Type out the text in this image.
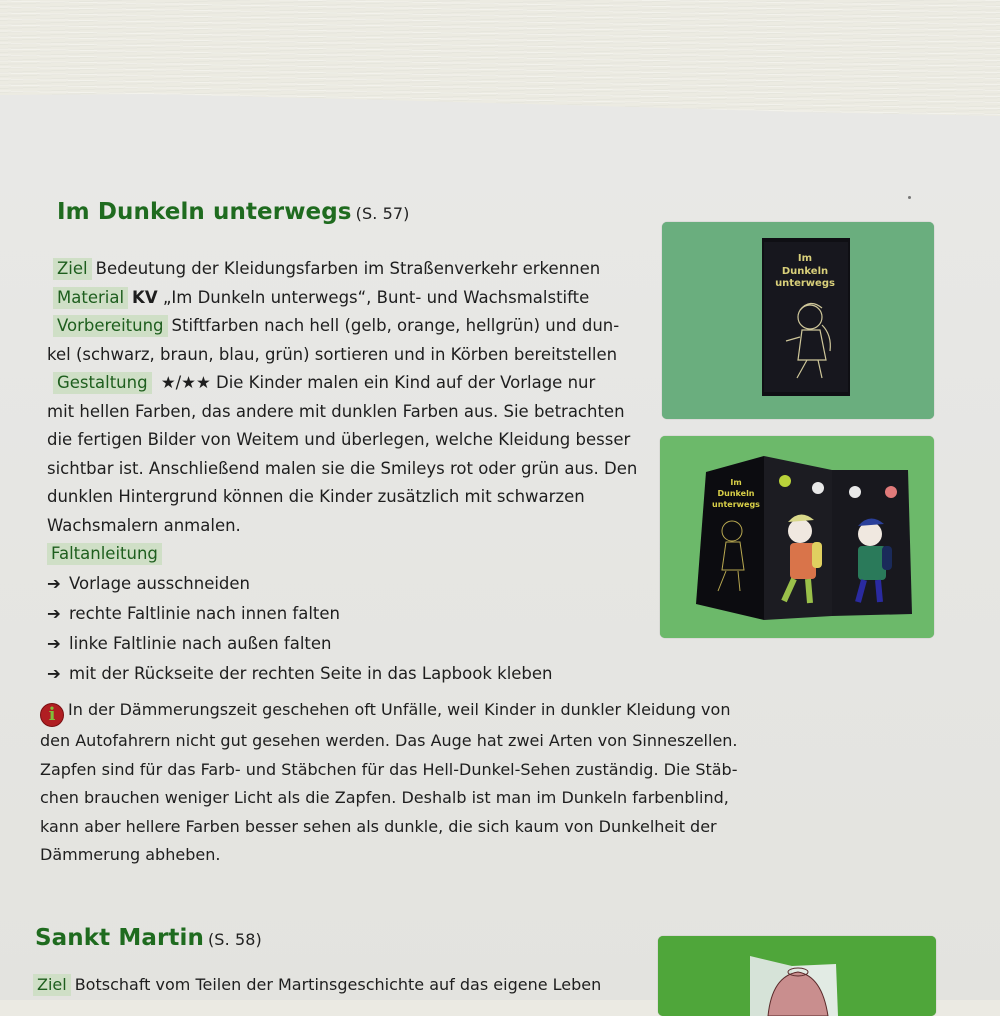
Im Dunkeln unterwegs (S. 57)
Ziel Bedeutung der Kleidungsfarben im Straßenverkehr erkennen
Material KV „Im Dunkeln unterwegs“, Bunt- und Wachsmalstifte
Vorbereitung Stiftfarben nach hell (gelb, orange, hellgrün) und dun-
kel (schwarz, braun, blau, grün) sortieren und in Körben bereitstellen
Gestaltung ★/★★ Die Kinder malen ein Kind auf der Vorlage nur
mit hellen Farben, das andere mit dunklen Farben aus. Sie betrachten
die fertigen Bilder von Weitem und überlegen, welche Kleidung besser
sichtbar ist. Anschließend malen sie die Smileys rot oder grün aus. Den
dunklen Hintergrund können die Kinder zusätzlich mit schwarzen
Wachsmalern anmalen.
Faltanleitung
➔ Vorlage ausschneiden
➔ rechte Faltlinie nach innen falten
➔ linke Faltlinie nach außen falten
➔ mit der Rückseite der rechten Seite in das Lapbook kleben
i In der Dämmerungszeit geschehen oft Unfälle, weil Kinder in dunkler Kleidung von
den Autofahrern nicht gut gesehen werden. Das Auge hat zwei Arten von Sinneszellen.
Zapfen sind für das Farb- und Stäbchen für das Hell-Dunkel-Sehen zuständig. Die Stäb-
chen brauchen weniger Licht als die Zapfen. Deshalb ist man im Dunkeln farbenblind,
kann aber hellere Farben besser sehen als dunkle, die sich kaum von Dunkelheit der
Dämmerung abheben.
Im
Dunkeln
unterwegs
Im
Dunkeln
unterwegs
Sankt Martin (S. 58)
Ziel Botschaft vom Teilen der Martinsgeschichte auf das eigene Leben
